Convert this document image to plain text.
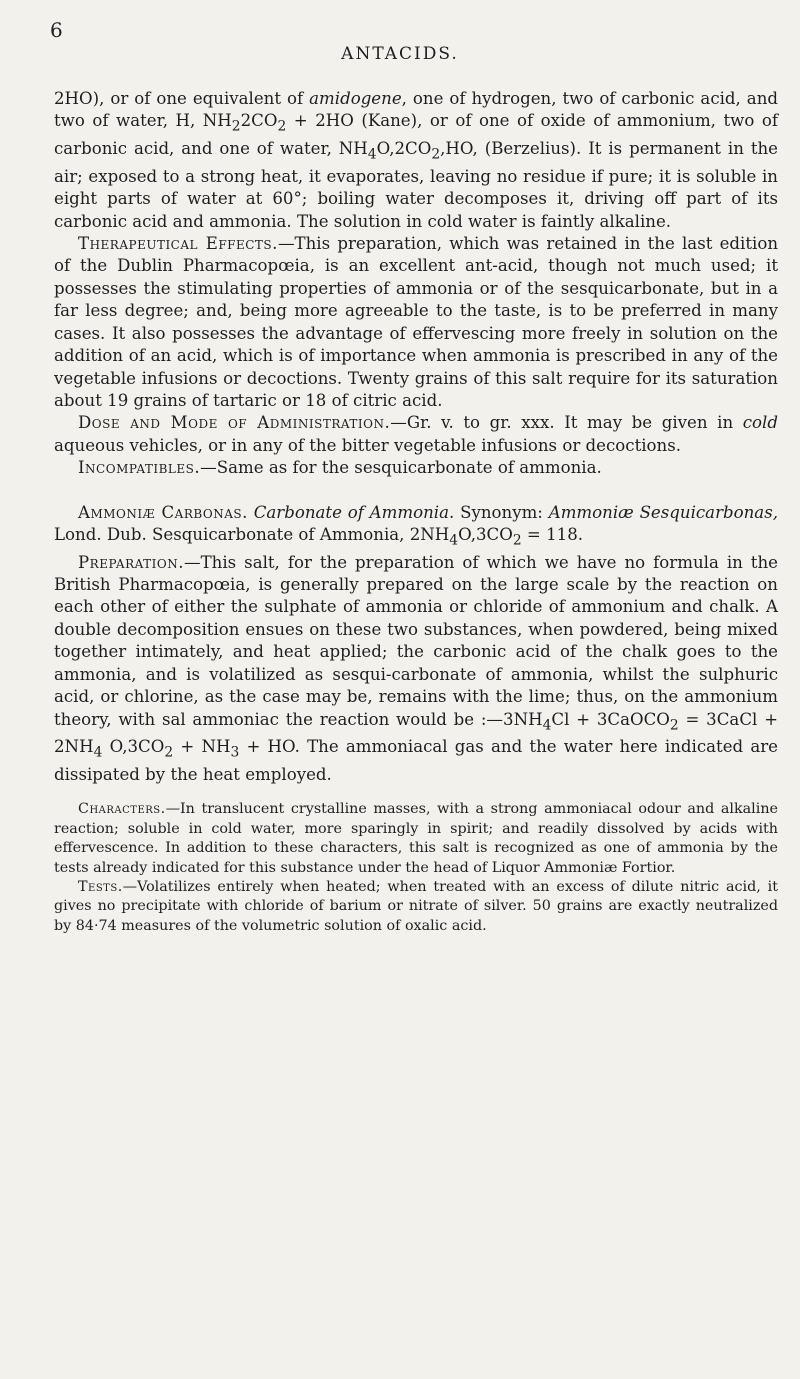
6
ANTACIDS.

2HO), or of one equivalent of amidogene, one of hydrogen, two of carbonic acid, and two of water, H, $NH_22CO_2 + 2HO$ (Kane), or of one of oxide of ammonium, two of carbonic acid, and one of water, $NH_4O,2CO_2,HO$, (Berzelius). It is permanent in the air; exposed to a strong heat, it evaporates, leaving no residue if pure; it is soluble in eight parts of water at 60°; boiling water decomposes it, driving off part of its carbonic acid and ammonia. The solution in cold water is faintly alkaline.

Therapeutical Effects.—This preparation, which was retained in the last edition of the Dublin Pharmacopœia, is an excellent ant-acid, though not much used; it possesses the stimulating properties of ammonia or of the sesquicarbonate, but in a far less degree; and, being more agreeable to the taste, is to be preferred in many cases. It also possesses the advantage of effervescing more freely in solution on the addition of an acid, which is of importance when ammonia is prescribed in any of the vegetable infusions or decoctions. Twenty grains of this salt require for its saturation about 19 grains of tartaric or 18 of citric acid.

Dose and Mode of Administration.—Gr. v. to gr. xxx. It may be given in cold aqueous vehicles, or in any of the bitter vegetable infusions or decoctions.

Incompatibles.—Same as for the sesquicarbonate of ammonia.

Ammoniæ Carbonas. Carbonate of Ammonia. Synonym: Ammoniæ Sesquicarbonas, Lond. Dub. Sesquicarbonate of Ammonia, $2NH_4O,3CO_2 = 118$.

Preparation.—This salt, for the preparation of which we have no formula in the British Pharmacopœia, is generally prepared on the large scale by the reaction on each other of either the sulphate of ammonia or chloride of ammonium and chalk. A double decomposition ensues on these two substances, when powdered, being mixed together intimately, and heat applied; the carbonic acid of the chalk goes to the ammonia, and is volatilized as sesqui-carbonate of ammonia, whilst the sulphuric acid, or chlorine, as the case may be, remains with the lime; thus, on the ammonium theory, with sal ammoniac the reaction would be $:—3NH_4Cl$ + 3CaOCO$_2$ = 3CaCl + $2NH_4$ $O,3CO_2 + NH_3$ + HO. The ammoniacal gas and the water here indicated are dissipated by the heat employed.

Characters.—In translucent crystalline masses, with a strong ammoniacal odour and alkaline reaction; soluble in cold water, more sparingly in spirit; and readily dissolved by acids with effervescence. In addition to these characters, this salt is recognized as one of ammonia by the tests already indicated for this substance under the head of Liquor Ammoniæ Fortior.

Tests.—Volatilizes entirely when heated; when treated with an excess of dilute nitric acid, it gives no precipitate with chloride of barium or nitrate of silver. 50 grains are exactly neutralized by 84·74 measures of the volumetric solution of oxalic acid.
